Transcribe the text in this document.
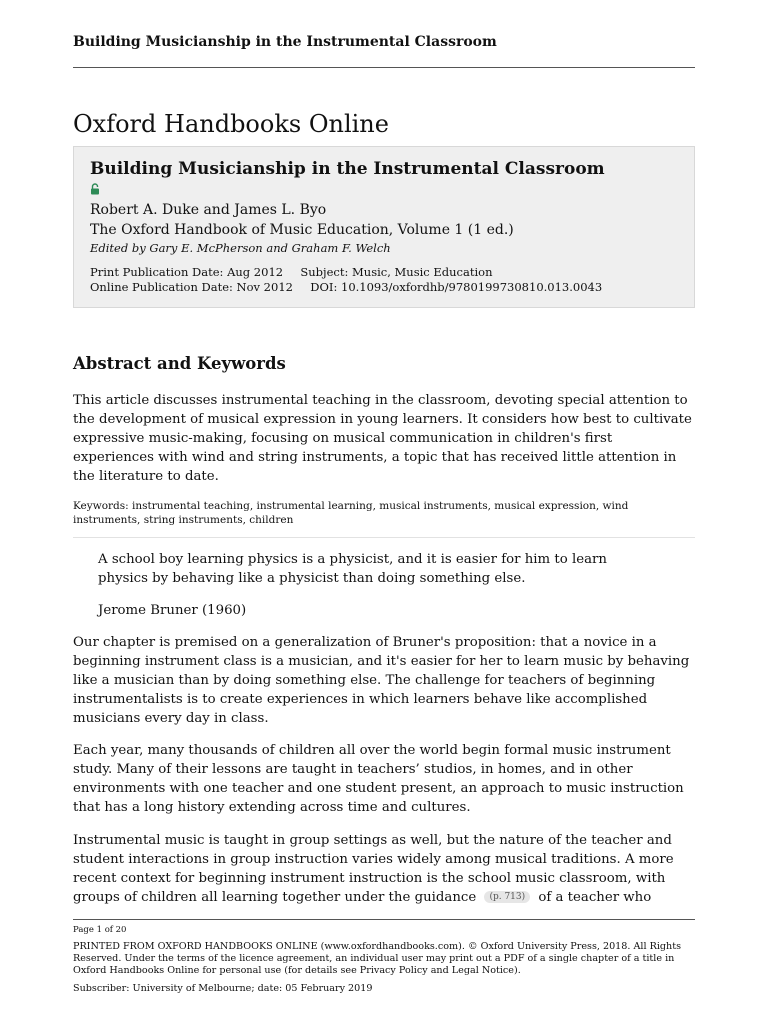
Building Musicianship in the Instrumental Classroom
Oxford Handbooks Online
Building Musicianship in the Instrumental Classroom
Robert A. Duke and James L. Byo
The Oxford Handbook of Music Education, Volume 1 (1 ed.)
Edited by Gary E. McPherson and Graham F. Welch
Print Publication Date: Aug 2012 Subject: Music, Music Education
Online Publication Date: Nov 2012 DOI: 10.1093/oxfordhb/9780199730810.013.0043
Abstract and Keywords

This article discusses instrumental teaching in the classroom, devoting special attention to the development of musical expression in young learners. It considers how best to cultivate expressive music-making, focusing on musical communication in children's first experiences with wind and string instruments, a topic that has received little attention in the literature to date.

Keywords: instrumental teaching, instrumental learning, musical instruments, musical expression, wind instruments, string instruments, children

A school boy learning physics is a physicist, and it is easier for him to learn physics by behaving like a physicist than doing something else.

Jerome Bruner (1960)

Our chapter is premised on a generalization of Bruner's proposition: that a novice in a beginning instrument class is a musician, and it's easier for her to learn music by behaving like a musician than by doing something else. The challenge for teachers of beginning instrumentalists is to create experiences in which learners behave like accomplished musicians every day in class.

Each year, many thousands of children all over the world begin formal music instrument study. Many of their lessons are taught in teachers’ studios, in homes, and in other environments with one teacher and one student present, an approach to music instruction that has a long history extending across time and cultures.

Instrumental music is taught in group settings as well, but the nature of the teacher and student interactions in group instruction varies widely among musical traditions. A more recent context for beginning instrument instruction is the school music classroom, with groups of children all learning together under the guidance (p. 713) of a teacher who

Page 1 of 20
PRINTED FROM OXFORD HANDBOOKS ONLINE (www.oxfordhandbooks.com). © Oxford University Press, 2018. All Rights Reserved. Under the terms of the licence agreement, an individual user may print out a PDF of a single chapter of a title in Oxford Handbooks Online for personal use (for details see Privacy Policy and Legal Notice).
Subscriber: University of Melbourne; date: 05 February 2019
